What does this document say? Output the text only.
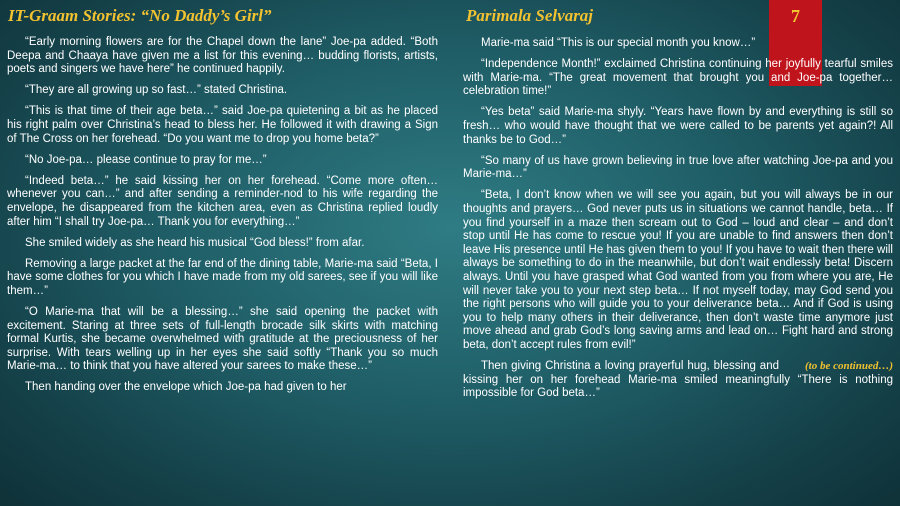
IT-Graam Stories: “No Daddy’s Girl”	Parimala Selvaraj	7

“Early morning flowers are for the Chapel down the lane” Joe-pa added. “Both Deepa and Chaaya have given me a list for this evening… budding florists, artists, poets and singers we have here” he continued happily.

“They are all growing up so fast…” stated Christina.

“This is that time of their age beta…” said Joe-pa quietening a bit as he placed his right palm over Christina’s head to bless her. He followed it with drawing a Sign of The Cross on her forehead. “Do you want me to drop you home beta?”

“No Joe-pa… please continue to pray for me…”

“Indeed beta…” he said kissing her on her forehead. “Come more often… whenever you can…” and after sending a reminder-nod to his wife regarding the envelope, he disappeared from the kitchen area, even as Christina replied loudly after him “I shall try Joe-pa… Thank you for everything…”

She smiled widely as she heard his musical “God bless!” from afar.

Removing a large packet at the far end of the dining table, Marie-ma said “Beta, I have some clothes for you which I have made from my old sarees, see if you will like them…”

“O Marie-ma that will be a blessing…” she said opening the packet with excitement. Staring at three sets of full-length brocade silk skirts with matching formal Kurtis, she became overwhelmed with gratitude at the preciousness of her surprise. With tears welling up in her eyes she said softly “Thank you so much Marie-ma… to think that you have altered your sarees to make these…”

Then handing over the envelope which Joe-pa had given to her

Marie-ma said “This is our special month you know…”

“Independence Month!” exclaimed Christina continuing her joyfully tearful smiles with Marie-ma. “The great movement that brought you and Joe-pa together… celebration time!”

“Yes beta” said Marie-ma shyly. “Years have flown by and everything is still so fresh… who would have thought that we were called to be parents yet again?! All thanks be to God…”

“So many of us have grown believing in true love after watching Joe-pa and you Marie-ma…”

“Beta, I don’t know when we will see you again, but you will always be in our thoughts and prayers… God never puts us in situations we cannot handle, beta… If you find yourself in a maze then scream out to God – loud and clear – and don’t stop until He has come to rescue you! If you are unable to find answers then don’t leave His presence until He has given them to you! If you have to wait then there will always be something to do in the meanwhile, but don’t wait endlessly beta! Discern always. Until you have grasped what God wanted from you from where you are, He will never take you to your next step beta… If not myself today, may God send you the right persons who will guide you to your deliverance beta… And if God is using you to help many others in their deliverance, then don’t waste time anymore just move ahead and grab God’s long saving arms and lead on… Fight hard and strong beta, don’t accept rules from evil!”

(to be continued…)
Then giving Christina a loving prayerful hug, blessing and kissing her on her forehead Marie-ma smiled meaningfully “There is nothing impossible for God beta…”
